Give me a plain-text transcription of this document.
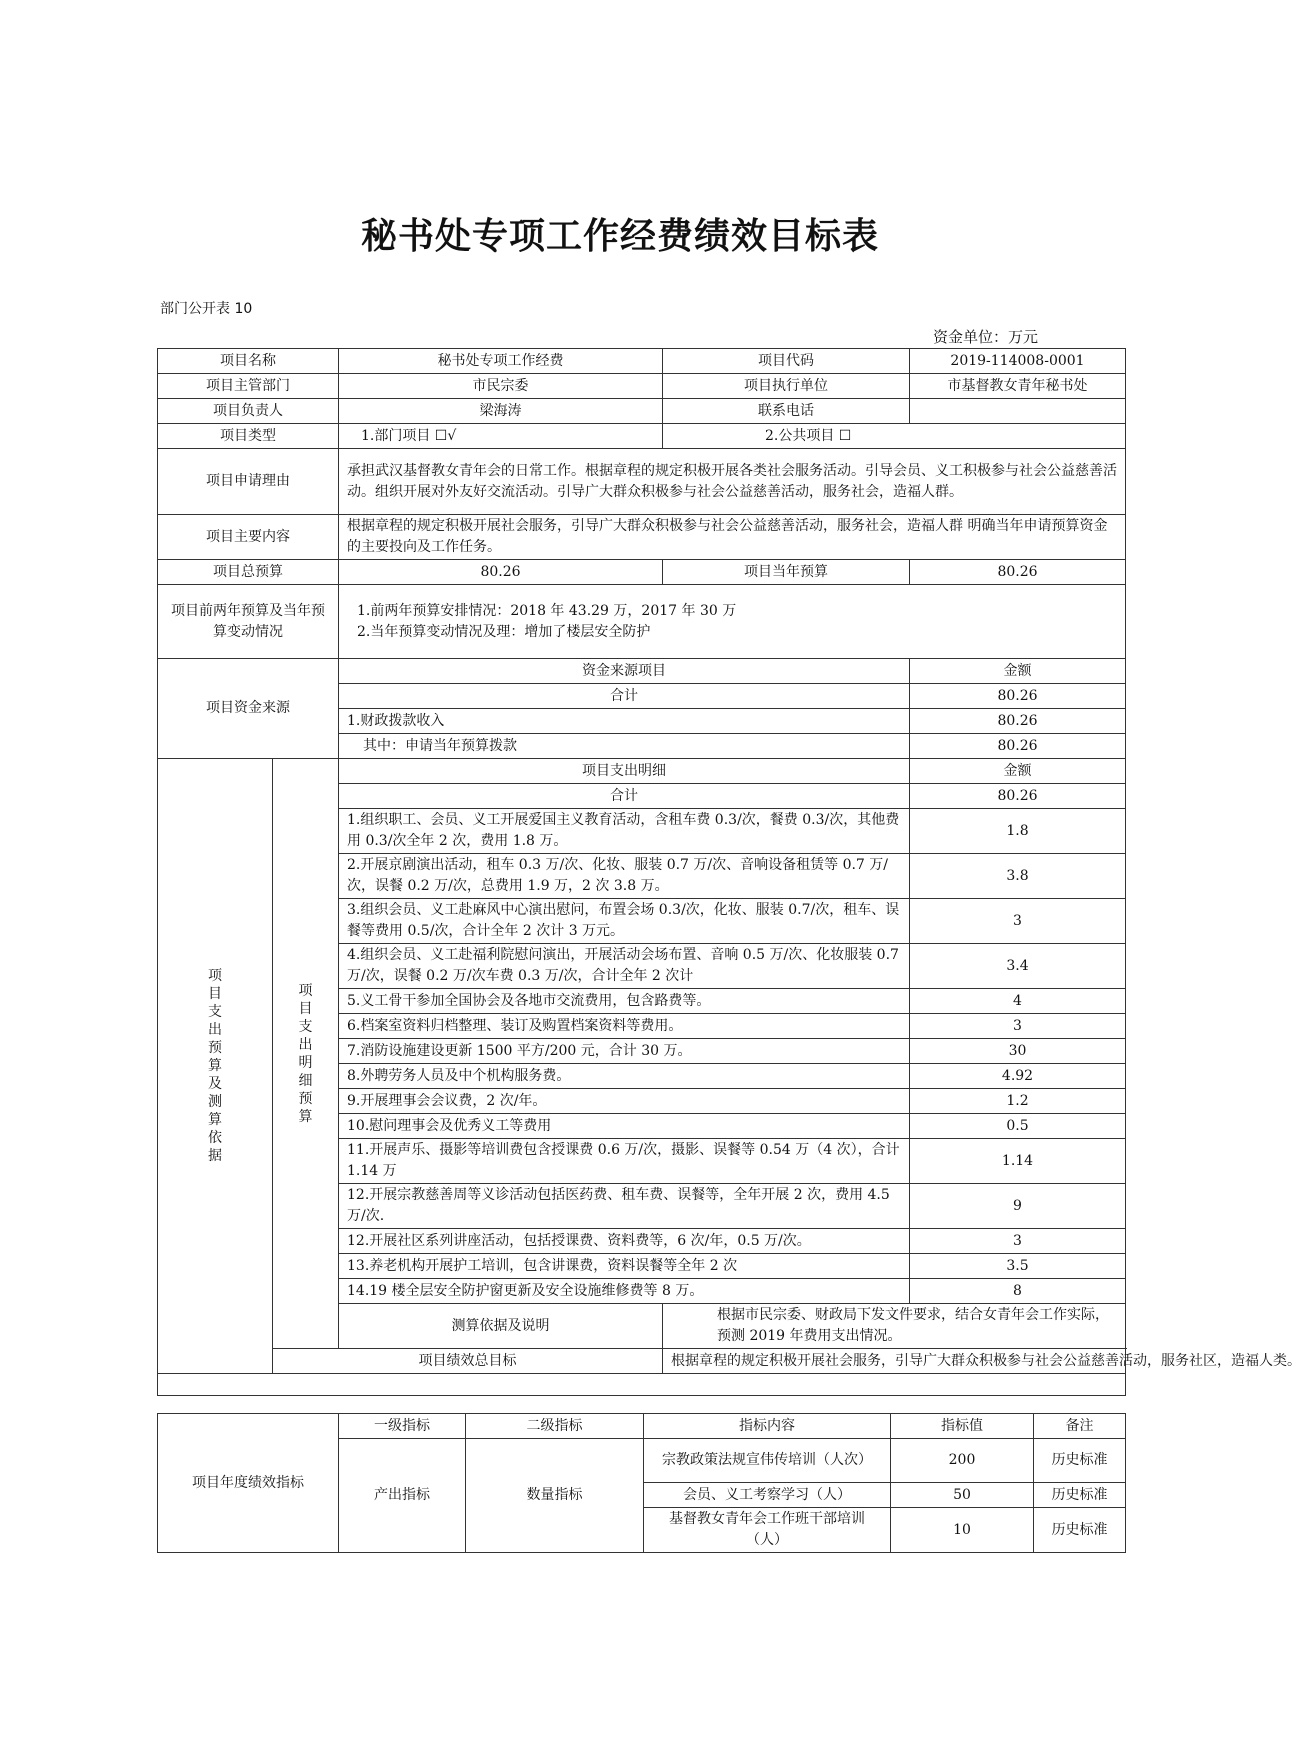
秘书处专项工作经费绩效目标表
部门公开表 10
资金单位：万元
项目名称		秘书处专项工作经费	项目代码	2019-114008-0001
项目主管部门		市民宗委	项目执行单位	市基督教女青年秘书处
项目负责人		梁海涛	联系电话	
项目类型		1.部门项目 ☐√	2.公共项目 ☐	
项目申请理由		承担武汉基督教女青年会的日常工作。根据章程的规定积极开展各类社会服务活动。引导会员、义工积极参与社会公益慈善活动。组织开展对外友好交流活动。引导广大群众积极参与社会公益慈善活动，服务社会，造福人群。		
项目主要内容		根据章程的规定积极开展社会服务，引导广大群众积极参与社会公益慈善活动，服务社会，造福人群 明确当年申请预算资金的主要投向及工作任务。		
项目总预算		80.26	项目当年预算	80.26
项目前两年预算及当年预算变动情况		1.前两年预算安排情况：2018 年 43.29 万，2017 年 30 万
2.当年预算变动情况及理：增加了楼层安全防护		

项目资金来源		资金来源项目		金额
		合计		80.26
		1.财政拨款收入		80.26
		其中：申请当年预算拨款		80.26
项目支出预算及测算依据	项目支出明细预算	项目支出明细		金额
		合计		80.26
		1.组织职工、会员、义工开展爱国主义教育活动，含租车费 0.3/次，餐费 0.3/次，其他费用 0.3/次全年 2 次，费用 1.8 万。		1.8
		2.开展京剧演出活动，租车 0.3 万/次、化妆、服装 0.7 万/次、音响设备租赁等 0.7 万/次，误餐 0.2 万/次，总费用 1.9 万，2 次 3.8 万。		3.8
		3.组织会员、义工赴麻风中心演出慰问，布置会场 0.3/次，化妆、服装 0.7/次，租车、误餐等费用 0.5/次，合计全年 2 次计 3 万元。		3
		4.组织会员、义工赴福利院慰问演出，开展活动会场布置、音响 0.5 万/次、化妆服装 0.7 万/次，误餐 0.2 万/次车费 0.3 万/次，合计全年 2 次计		3.4
		5.义工骨干参加全国协会及各地市交流费用，包含路费等。		4
		6.档案室资料归档整理、装订及购置档案资料等费用。		3
		7.消防设施建设更新 1500 平方/200 元，合计 30 万。		30
		8.外聘劳务人员及中个机构服务费。		4.92
		9.开展理事会会议费，2 次/年。		1.2
		10.慰问理事会及优秀义工等费用		0.5
		11.开展声乐、摄影等培训费包含授课费 0.6 万/次，摄影、误餐等 0.54 万（4 次），合计 1.14 万		1.14
		12.开展宗教慈善周等义诊活动包括医药费、租车费、误餐等，全年开展 2 次，费用 4.5 万/次.		9
		12.开展社区系列讲座活动，包括授课费、资料费等，6 次/年，0.5 万/次。		3
		13.养老机构开展护工培训，包含讲课费，资料误餐等全年 2 次		3.5
		14.19 楼全层安全防护窗更新及安全设施维修费等 8 万。		8
		测算依据及说明	根据市民宗委、财政局下发文件要求，结合女青年会工作实际，预测 2019 年费用支出情况。	
	项目绩效总目标		根据章程的规定积极开展社会服务，引导广大群众积极参与社会公益慈善活动，服务社区，造福人类。	

项目年度绩效指标	一级指标	二级指标	指标内容	指标值	备注
	产出指标	数量指标	宗教政策法规宣伟传培训（人次）	200	历史标准
			会员、义工考察学习（人）	50	历史标准
			基督教女青年会工作班干部培训（人）	10	历史标准
